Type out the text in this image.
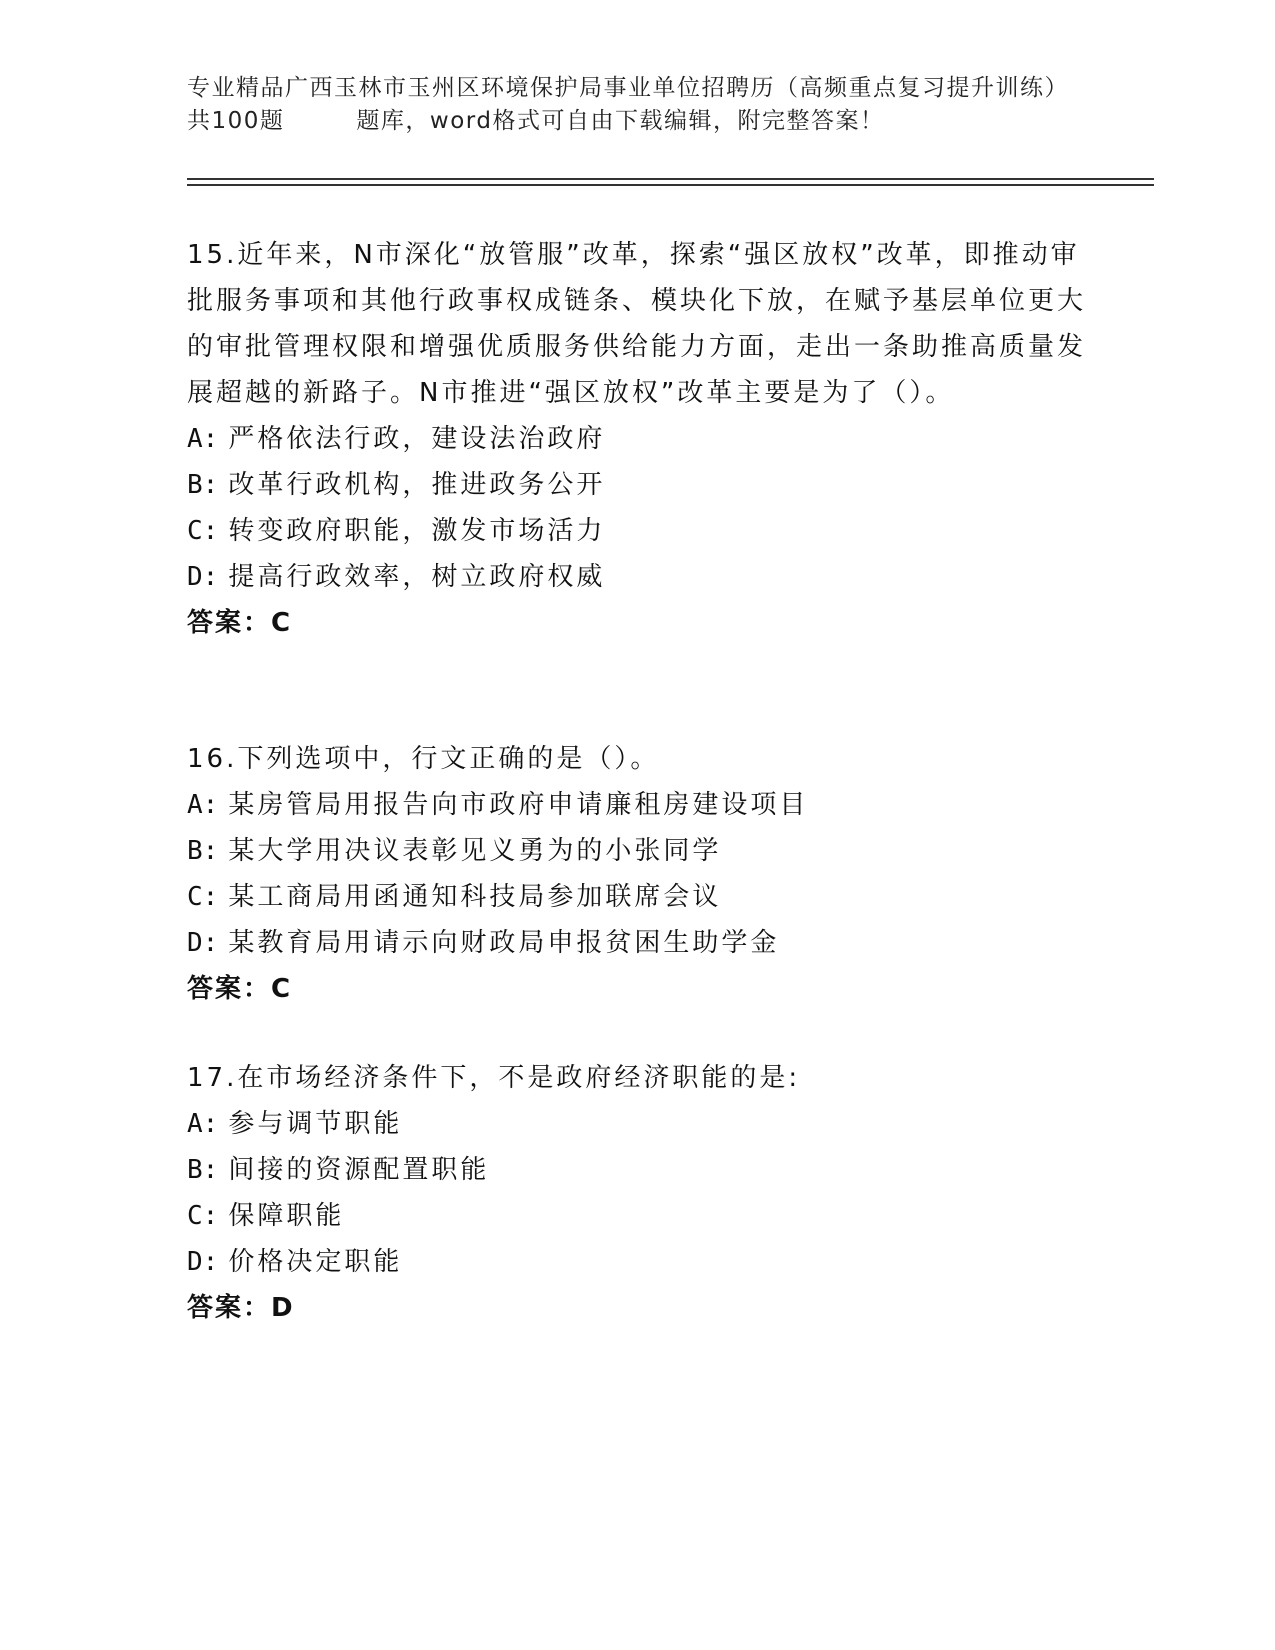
专业精品广西玉林市玉州区环境保护局事业单位招聘历（高频重点复习提升训练）
共100题	题库，word格式可自由下载编辑，附完整答案！

15.近年来，N市深化“放管服”改革，探索“强区放权”改革，即推动审批服务事项和其他行政事权成链条、模块化下放，在赋予基层单位更大的审批管理权限和增强优质服务供给能力方面，走出一条助推高质量发展超越的新路子。N市推进“强区放权”改革主要是为了（）。

A: 严格依法行政，建设法治政府

B: 改革行政机构，推进政务公开

C: 转变政府职能，激发市场活力

D: 提高行政效率，树立政府权威

答案：C

16.下列选项中，行文正确的是（）。

A: 某房管局用报告向市政府申请廉租房建设项目

B: 某大学用决议表彰见义勇为的小张同学

C: 某工商局用函通知科技局参加联席会议

D: 某教育局用请示向财政局申报贫困生助学金

答案：C

17.在市场经济条件下，不是政府经济职能的是:

A: 参与调节职能

B: 间接的资源配置职能

C: 保障职能

D: 价格决定职能

答案：D
